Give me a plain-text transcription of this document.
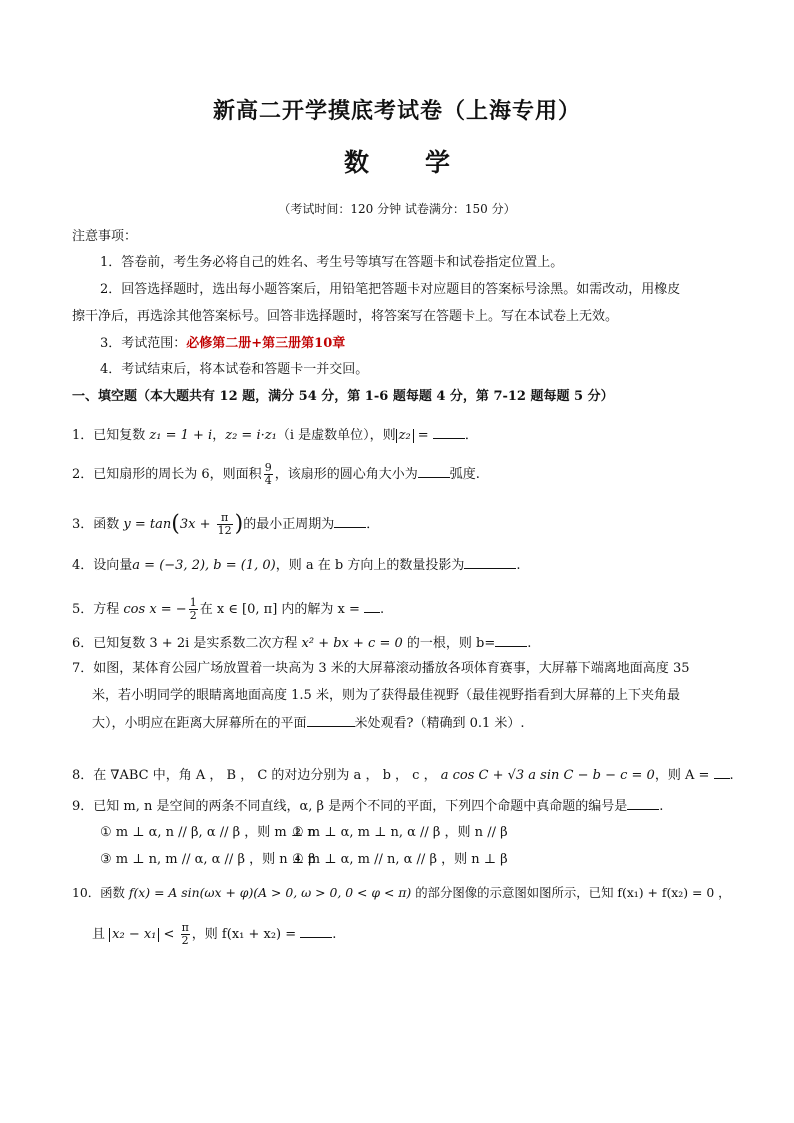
新高二开学摸底考试卷（上海专用）
数 学
（考试时间：120 分钟 试卷满分：150 分）
注意事项：
1．答卷前，考生务必将自己的姓名、考生号等填写在答题卡和试卷指定位置上。
2．回答选择题时，选出每小题答案后，用铅笔把答题卡对应题目的答案标号涂黑。如需改动，用橡皮
擦干净后，再选涂其他答案标号。回答非选择题时，将答案写在答题卡上。写在本试卷上无效。
3．考试范围：必修第二册+第三册第10章
4．考试结束后，将本试卷和答题卡一并交回。
一、填空题（本大题共有 12 题，满分 54 分，第 1-6 题每题 4 分，第 7-12 题每题 5 分）
1．已知复数 z₁ = 1 + i，z₂ = i·z₁（i 是虚数单位），则 z₂ = ．
2．已知扇形的周长为 6，则面积 $\frac{9}{4}$ ，该扇形的圆心角大小为 弧度.
3．函数 $y = \tan(3x + \frac{\pi}{12}$ )的最小正周期为 ．
4．设向量a = (−3, 2), b = (1, 0)，则 a 在 b 方向上的数量投影为	.
5．方程 cos x = − $\frac{1}{2}$ 在 x ∈ [0, π] 内的解为 x = .
6．已知复数 3 + 2i 是实系数二次方程 x² + bx + c = 0 的一根，则 b= .
7．如图，某体育公园广场放置着一块高为 3 米的大屏幕滚动播放各项体育赛事，大屏幕下端离地面高度 35
米，若小明同学的眼睛离地面高度 1.5 米，则为了获得最佳视野（最佳视野指看到大屏幕的上下夹角最
大），小明应在距离大屏幕所在的平面	米处观看?（精确到 0.1 米）.
8．在 ∇ABC 中，角 A ， B ， C 的对边分别为 a ， b ， c ， a cos C + √3 a sin C − b − c = 0，则 A = .
9．已知 m, n 是空间的两条不同直线，α, β 是两个不同的平面，下列四个命题中真命题的编号是 .
① m ⊥ α, n // β, α // β ，则 m ⊥ n
② m ⊥ α, m ⊥ n, α // β ，则 n // β
③ m ⊥ n, m // α, α // β ，则 n ⊥ β
④ m ⊥ α, m // n, α // β ，则 n ⊥ β
10．函数 f(x) = A sin(ωx + φ)(A > 0, ω > 0, 0 < φ < π) 的部分图像的示意图如图所示，已知 f(x₁) + f(x₂) = 0 ，
且 $x_2 - x_1 < \frac{\pi}{2}$ ，则 f(x₁ + x₂) = .
